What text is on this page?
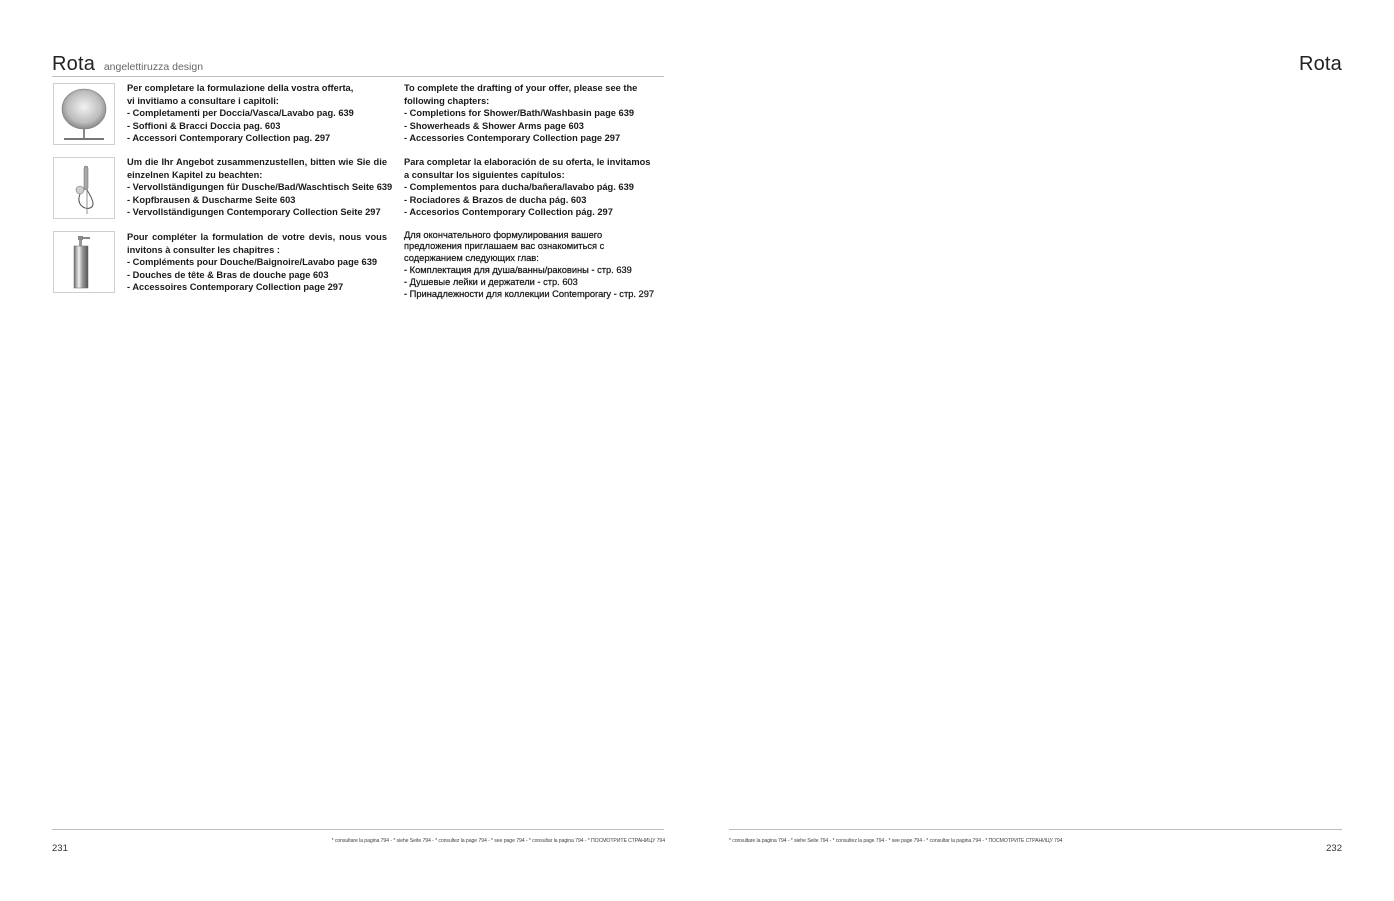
Rota angelettiruzza design
Per completare la formulazione della vostra offerta,
vi invitiamo a consultare i capitoli:
- Completamenti per Doccia/Vasca/Lavabo pag. 639
- Soffioni & Bracci Doccia pag. 603
- Accessori Contemporary Collection pag. 297
To complete the drafting of your offer, please see the
following chapters:
- Completions for Shower/Bath/Washbasin page 639
- Showerheads & Shower Arms page 603
- Accessories Contemporary Collection page 297
Um die Ihr Angebot zusammenzustellen, bitten wie Sie die
einzelnen Kapitel zu beachten:
- Vervollständigungen für Dusche/Bad/Waschtisch Seite 639
- Kopfbrausen & Duscharme Seite 603
- Vervollständigungen Contemporary Collection Seite 297
Para completar la elaboración de su oferta, le invitamos
a consultar los siguientes capítulos:
- Complementos para ducha/bañera/lavabo pág. 639
- Rociadores & Brazos de ducha pág. 603
- Accesorios Contemporary Collection pág. 297
Pour compléter la formulation de votre devis, nous vous
invitons à consulter les chapitres :
- Compléments pour Douche/Baignoire/Lavabo page 639
- Douches de tête & Bras de douche page 603
- Accessoires Contemporary Collection page 297
Для окончательного формулирования вашего
предложения приглашаем вас ознакомиться с
содержанием следующих глав:
- Комплектация для душа/ванны/раковины - стр. 639
- Душевые лейки и держатели - стр. 603
- Принадлежности для коллекции Contemporary - стр. 297
* consultare la pagina 794 - * siehe Seite 794 - * consultez la page 794 - * see page 794 - * consultar la pagina 794 - * ПОСМОТРИТЕ СТРАНИЦУ 794
231
Rota
* consultare la pagina 794 - * siehe Seite 794 - * consultez la page 794 - * see page 794 - * consultar la pagina 794 - * ПОСМОТРИТЕ СТРАНИЦУ 794
232
